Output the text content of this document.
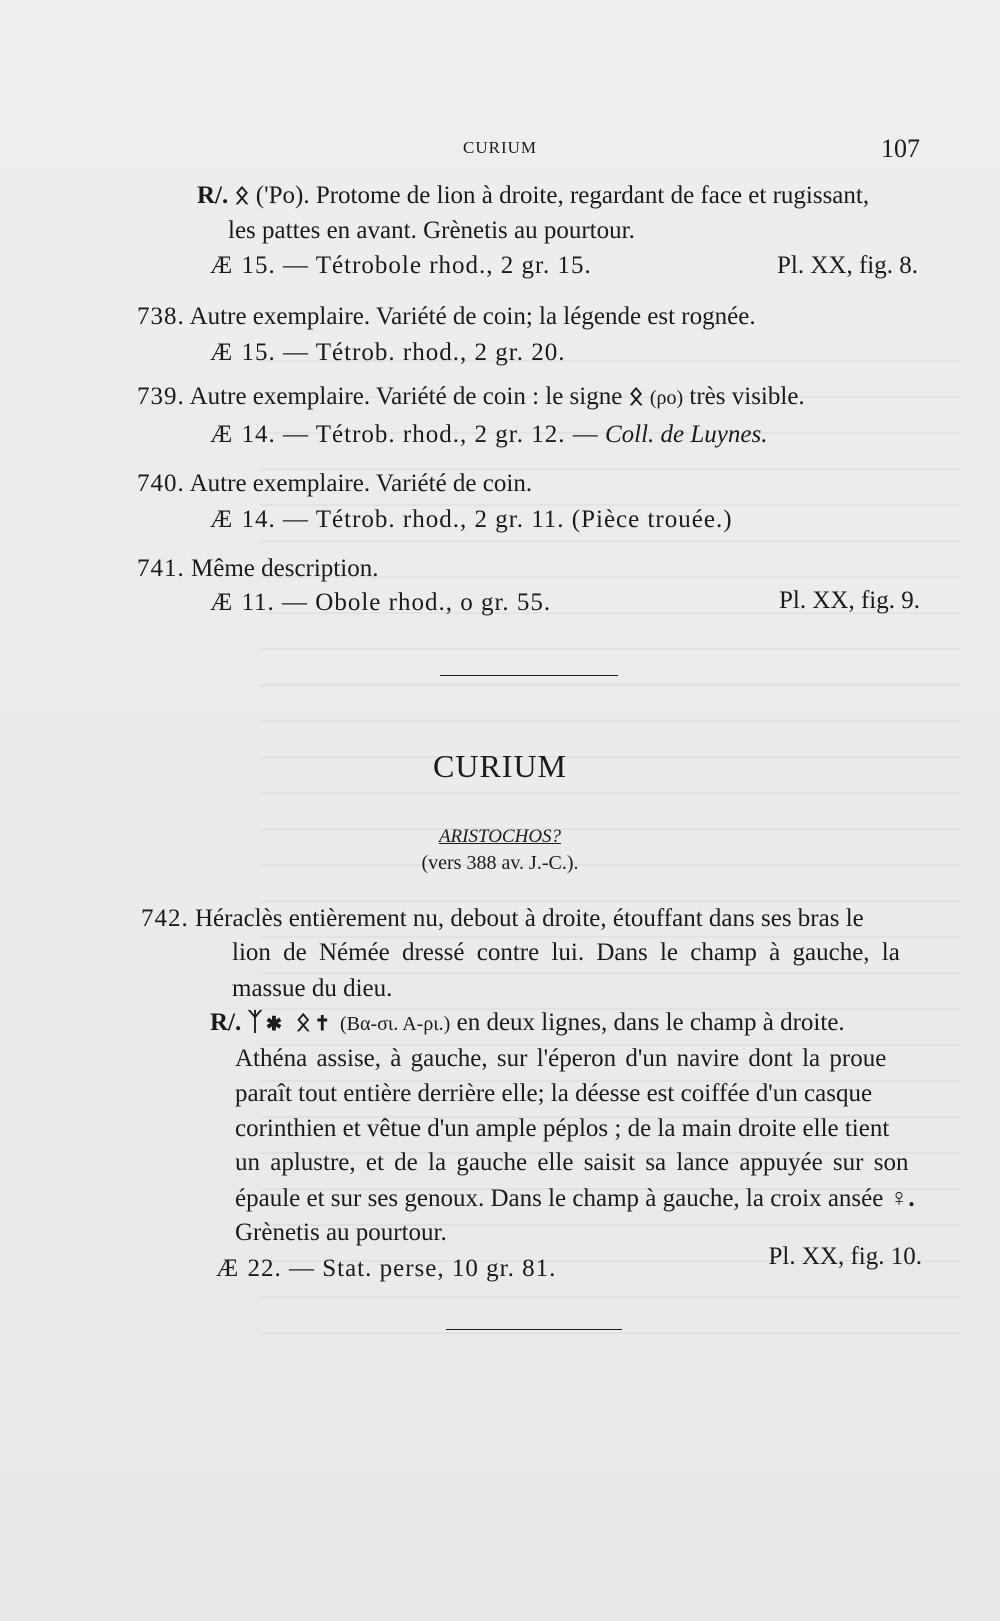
CURIUM	107
R/. ᛟ ('Ρο). Protome de lion à droite, regardant de face et rugissant,
les pattes en avant. Grènetis au pourtour.
Æ 15. — Tétrobole rhod., 2 gr. 15.	Pl. XX, fig. 8.
738. Autre exemplaire. Variété de coin; la légende est rognée.
Æ 15. — Tétrob. rhod., 2 gr. 20.
739. Autre exemplaire. Variété de coin : le signe ᛟ (ρο) très visible.
Æ 14. — Tétrob. rhod., 2 gr. 12. — Coll. de Luynes.
740. Autre exemplaire. Variété de coin.
Æ 14. — Tétrob. rhod., 2 gr. 11. (Pièce trouée.)
741. Même description.
Æ 11. — Obole rhod., o gr. 55.	Pl. XX, fig. 9.
CURIUM
ARISTOCHOS?
(vers 388 av. J.-C.).
742. Héraclès entièrement nu, debout à droite, étouffant dans ses bras le
lion de Némée dressé contre lui. Dans le champ à gauche, la
massue du dieu.
R/. ᛉ✱ ᛟ✝ (Βα-σι. Α-ρι.) en deux lignes, dans le champ à droite.
Athéna assise, à gauche, sur l'éperon d'un navire dont la proue
paraît tout entière derrière elle; la déesse est coiffée d'un casque
corinthien et vêtue d'un ample péplos ; de la main droite elle tient
un aplustre, et de la gauche elle saisit sa lance appuyée sur son
épaule et sur ses genoux. Dans le champ à gauche, la croix ansée ♀.
Grènetis au pourtour.
Æ 22. — Stat. perse, 10 gr. 81.	Pl. XX, fig. 10.
